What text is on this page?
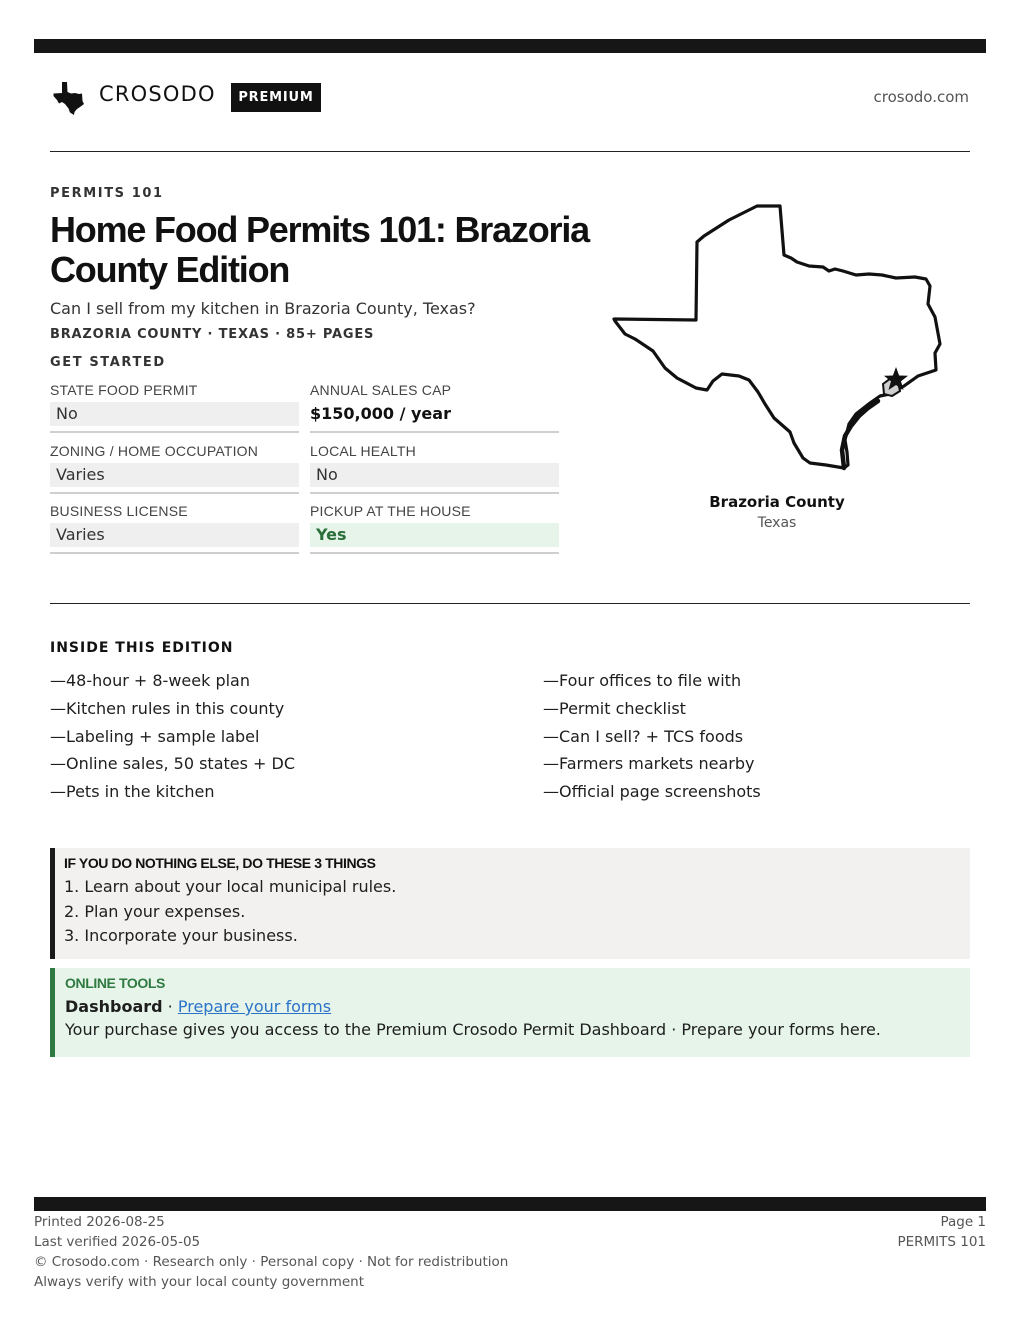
CROSODO	PREMIUM	crosodo.com
PERMITS 101
Home Food Permits 101: Brazoria County Edition
Can I sell from my kitchen in Brazoria County, Texas?
BRAZORIA COUNTY · TEXAS · 85+ PAGES
GET STARTED
STATE FOOD PERMIT
No
ANNUAL SALES CAP
$150,000 / year
ZONING / HOME OCCUPATION
Varies
LOCAL HEALTH
No
BUSINESS LICENSE
Varies
PICKUP AT THE HOUSE
Yes
Brazoria County
Texas
INSIDE THIS EDITION
—48-hour + 8-week plan
—Kitchen rules in this county
—Labeling + sample label
—Online sales, 50 states + DC
—Pets in the kitchen
—Four offices to file with
—Permit checklist
—Can I sell? + TCS foods
—Farmers markets nearby
—Official page screenshots
IF YOU DO NOTHING ELSE, DO THESE 3 THINGS
1. Learn about your local municipal rules.
2. Plan your expenses.
3. Incorporate your business.
ONLINE TOOLS
Dashboard · Prepare your forms
Your purchase gives you access to the Premium Crosodo Permit Dashboard · Prepare your forms here.
Printed 2026-08-25
Last verified 2026-05-05
© Crosodo.com · Research only · Personal copy · Not for redistribution
Always verify with your local county government
Page 1
PERMITS 101
